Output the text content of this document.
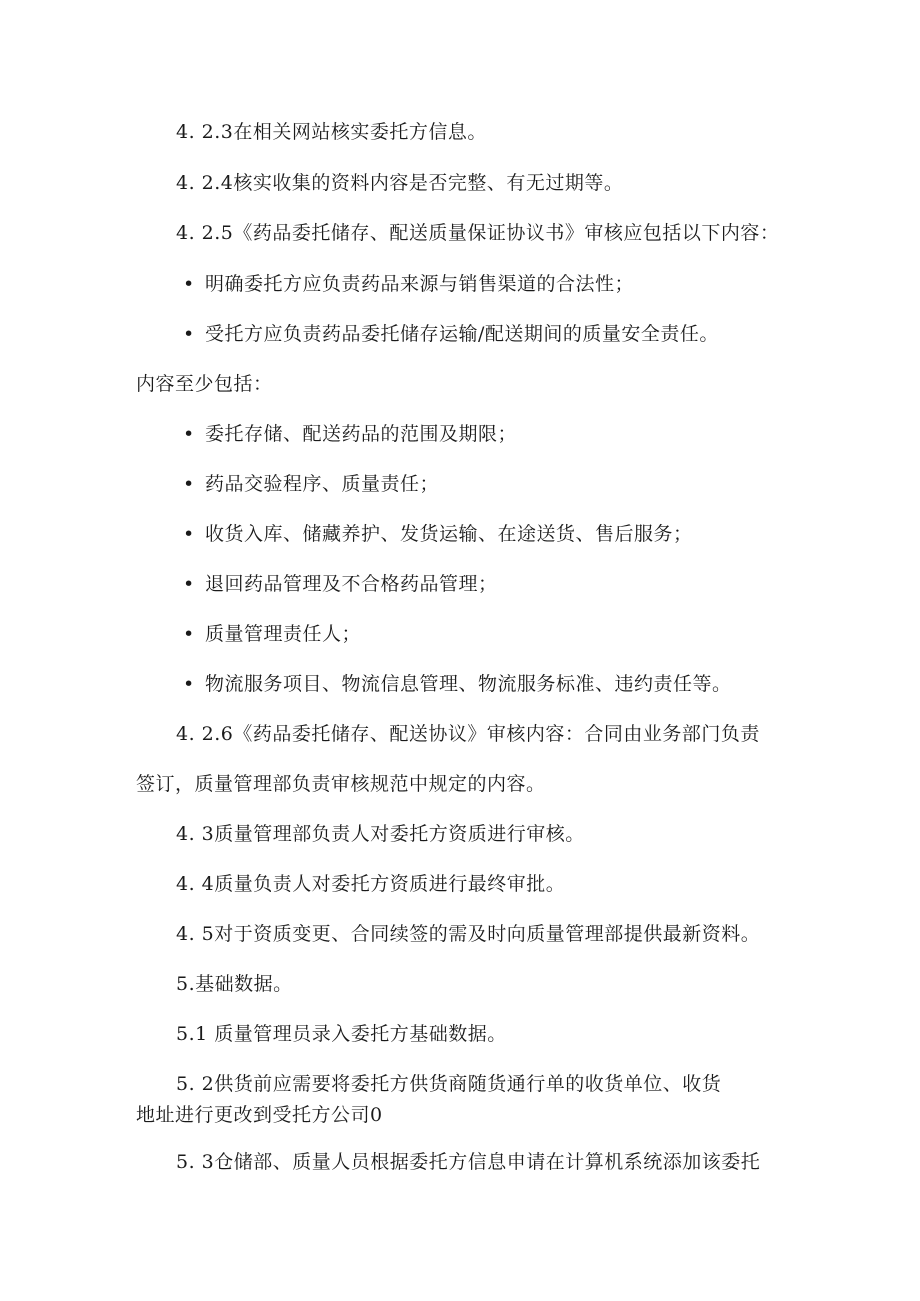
4. 2.3在相关网站核实委托方信息。
4. 2.4核实收集的资料内容是否完整、有无过期等。
4. 2.5《药品委托储存、配送质量保证协议书》审核应包括以下内容：
• 明确委托方应负责药品来源与销售渠道的合法性；
• 受托方应负责药品委托储存运输/配送期间的质量安全责任。
内容至少包括：
• 委托存储、配送药品的范围及期限；
• 药品交验程序、质量责任；
• 收货入库、储藏养护、发货运输、在途送货、售后服务；
• 退回药品管理及不合格药品管理；
• 质量管理责任人；
• 物流服务项目、物流信息管理、物流服务标准、违约责任等。
4. 2.6《药品委托储存、配送协议》审核内容：合同由业务部门负责
签订，质量管理部负责审核规范中规定的内容。
4. 3质量管理部负责人对委托方资质进行审核。
4. 4质量负责人对委托方资质进行最终审批。
4. 5对于资质变更、合同续签的需及时向质量管理部提供最新资料。
5.基础数据。
5.1 质量管理员录入委托方基础数据。
5. 2供货前应需要将委托方供货商随货通行单的收货单位、收货
地址进行更改到受托方公司0
5. 3仓储部、质量人员根据委托方信息申请在计算机系统添加该委托
